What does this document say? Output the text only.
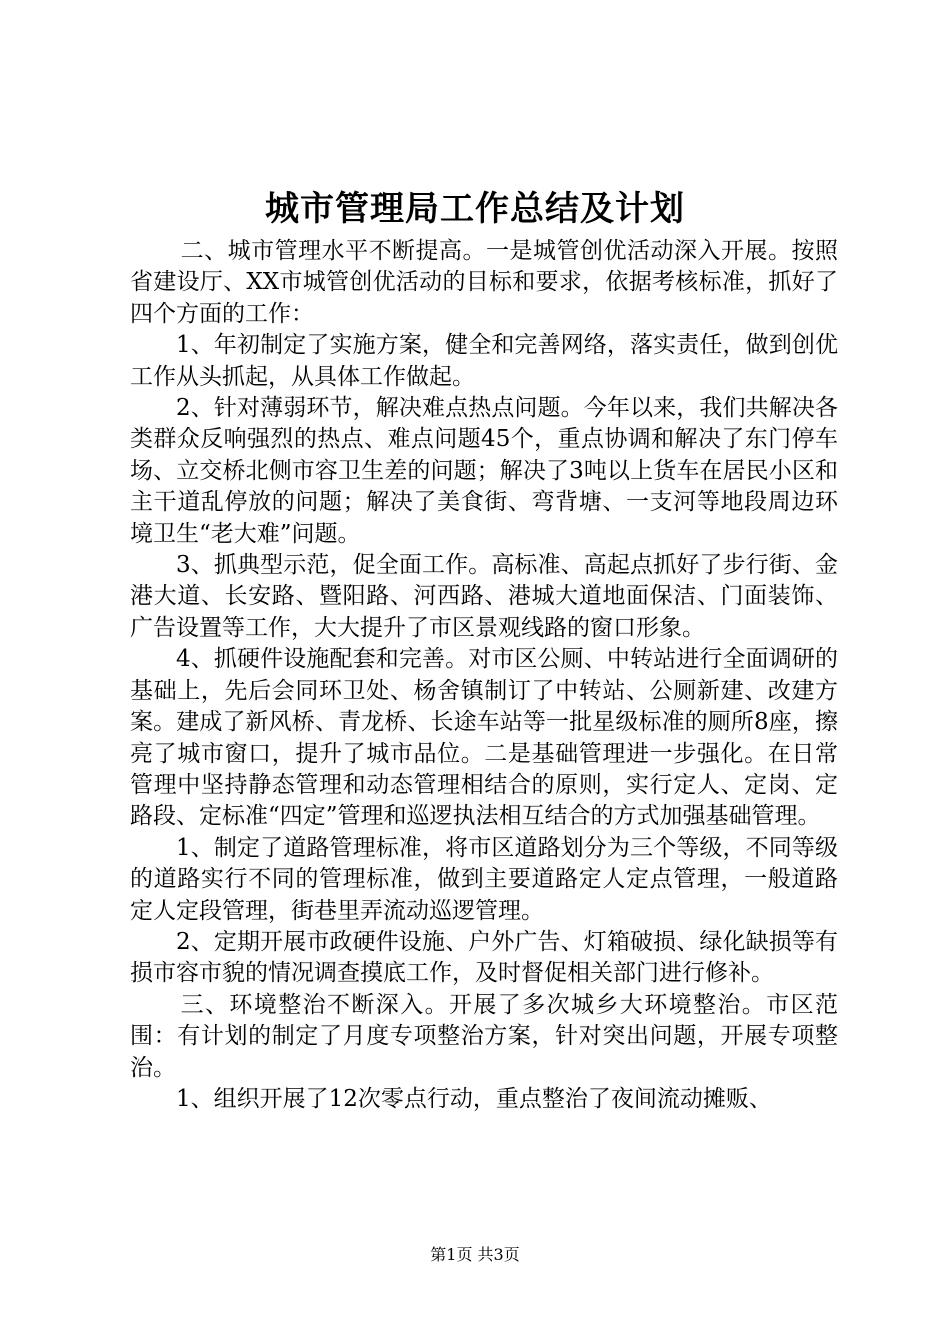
城市管理局工作总结及计划

二、城市管理水平不断提高。一是城管创优活动深入开展。按照省建设厅、XX市城管创优活动的目标和要求，依据考核标准，抓好了四个方面的工作：

1、年初制定了实施方案，健全和完善网络，落实责任，做到创优工作从头抓起，从具体工作做起。

2、针对薄弱环节，解决难点热点问题。今年以来，我们共解决各类群众反响强烈的热点、难点问题45个，重点协调和解决了东门停车场、立交桥北侧市容卫生差的问题；解决了3吨以上货车在居民小区和主干道乱停放的问题；解决了美食街、弯背塘、一支河等地段周边环境卫生“老大难”问题。

3、抓典型示范，促全面工作。高标准、高起点抓好了步行街、金港大道、长安路、暨阳路、河西路、港城大道地面保洁、门面装饰、广告设置等工作，大大提升了市区景观线路的窗口形象。

4、抓硬件设施配套和完善。对市区公厕、中转站进行全面调研的基础上，先后会同环卫处、杨舍镇制订了中转站、公厕新建、改建方案。建成了新风桥、青龙桥、长途车站等一批星级标准的厕所8座，擦亮了城市窗口，提升了城市品位。二是基础管理进一步强化。在日常管理中坚持静态管理和动态管理相结合的原则，实行定人、定岗、定路段、定标准“四定”管理和巡逻执法相互结合的方式加强基础管理。

1、制定了道路管理标准，将市区道路划分为三个等级，不同等级的道路实行不同的管理标准，做到主要道路定人定点管理，一般道路定人定段管理，街巷里弄流动巡逻管理。

2、定期开展市政硬件设施、户外广告、灯箱破损、绿化缺损等有损市容市貌的情况调查摸底工作，及时督促相关部门进行修补。

三、环境整治不断深入。开展了多次城乡大环境整治。市区范围：有计划的制定了月度专项整治方案，针对突出问题，开展专项整治。

1、组织开展了12次零点行动，重点整治了夜间流动摊贩、

第1页 共3页
